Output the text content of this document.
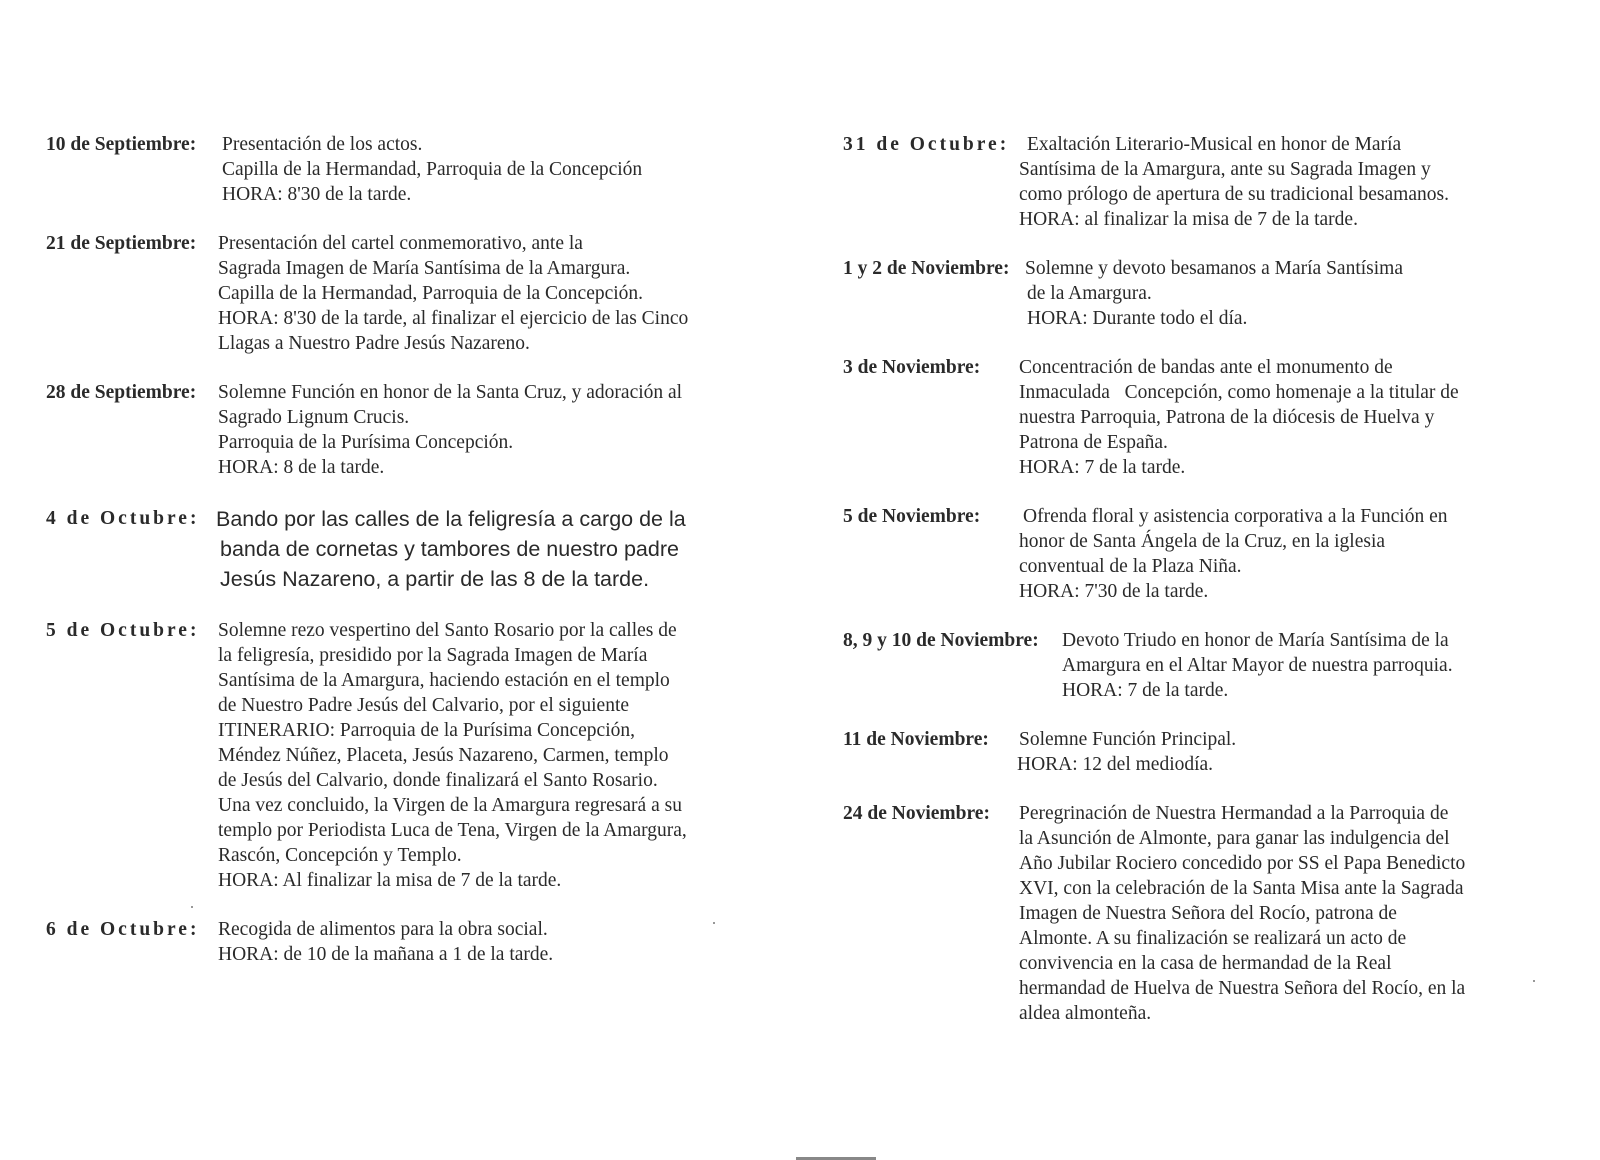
10 de Septiembre: Presentación de los actos.
Capilla de la Hermandad, Parroquia de la Concepción
HORA: 8'30 de la tarde.
21 de Septiembre: Presentación del cartel conmemorativo, ante la
Sagrada Imagen de María Santísima de la Amargura.
Capilla de la Hermandad, Parroquia de la Concepción.
HORA: 8'30 de la tarde, al finalizar el ejercicio de las Cinco
Llagas a Nuestro Padre Jesús Nazareno.
28 de Septiembre: Solemne Función en honor de la Santa Cruz, y adoración al
Sagrado Lignum Crucis.
Parroquia de la Purísima Concepción.
HORA: 8 de la tarde.
4 de Octubre: Bando por las calles de la feligresía a cargo de la
banda de cornetas y tambores de nuestro padre
Jesús Nazareno, a partir de las 8 de la tarde.
5 de Octubre: Solemne rezo vespertino del Santo Rosario por la calles de
la feligresía, presidido por la Sagrada Imagen de María
Santísima de la Amargura, haciendo estación en el templo
de Nuestro Padre Jesús del Calvario, por el siguiente
ITINERARIO: Parroquia de la Purísima Concepción,
Méndez Núñez, Placeta, Jesús Nazareno, Carmen, templo
de Jesús del Calvario, donde finalizará el Santo Rosario.
Una vez concluido, la Virgen de la Amargura regresará a su
templo por Periodista Luca de Tena, Virgen de la Amargura,
Rascón, Concepción y Templo.
HORA: Al finalizar la misa de 7 de la tarde.
6 de Octubre: Recogida de alimentos para la obra social.
HORA: de 10 de la mañana a 1 de la tarde.
31 de Octubre: Exaltación Literario-Musical en honor de María
Santísima de la Amargura, ante su Sagrada Imagen y
como prólogo de apertura de su tradicional besamanos.
HORA: al finalizar la misa de 7 de la tarde.
1 y 2 de Noviembre: Solemne y devoto besamanos a María Santísima
de la Amargura.
HORA: Durante todo el día.
3 de Noviembre: Concentración de bandas ante el monumento de
Inmaculada   Concepción, como homenaje a la titular de
nuestra Parroquia, Patrona de la diócesis de Huelva y
Patrona de España.
HORA: 7 de la tarde.
5 de Noviembre: Ofrenda floral y asistencia corporativa a la Función en
honor de Santa Ángela de la Cruz, en la iglesia
conventual de la Plaza Niña.
HORA: 7'30 de la tarde.
8, 9 y 10 de Noviembre: Devoto Triudo en honor de María Santísima de la
Amargura en el Altar Mayor de nuestra parroquia.
HORA: 7 de la tarde.
11 de Noviembre: Solemne Función Principal.
HORA: 12 del mediodía.
24 de Noviembre: Peregrinación de Nuestra Hermandad a la Parroquia de
la Asunción de Almonte, para ganar las indulgencia del
Año Jubilar Rociero concedido por SS el Papa Benedicto
XVI, con la celebración de la Santa Misa ante la Sagrada
Imagen de Nuestra Señora del Rocío, patrona de
Almonte. A su finalización se realizará un acto de
convivencia en la casa de hermandad de la Real
hermandad de Huelva de Nuestra Señora del Rocío, en la
aldea almonteña.
